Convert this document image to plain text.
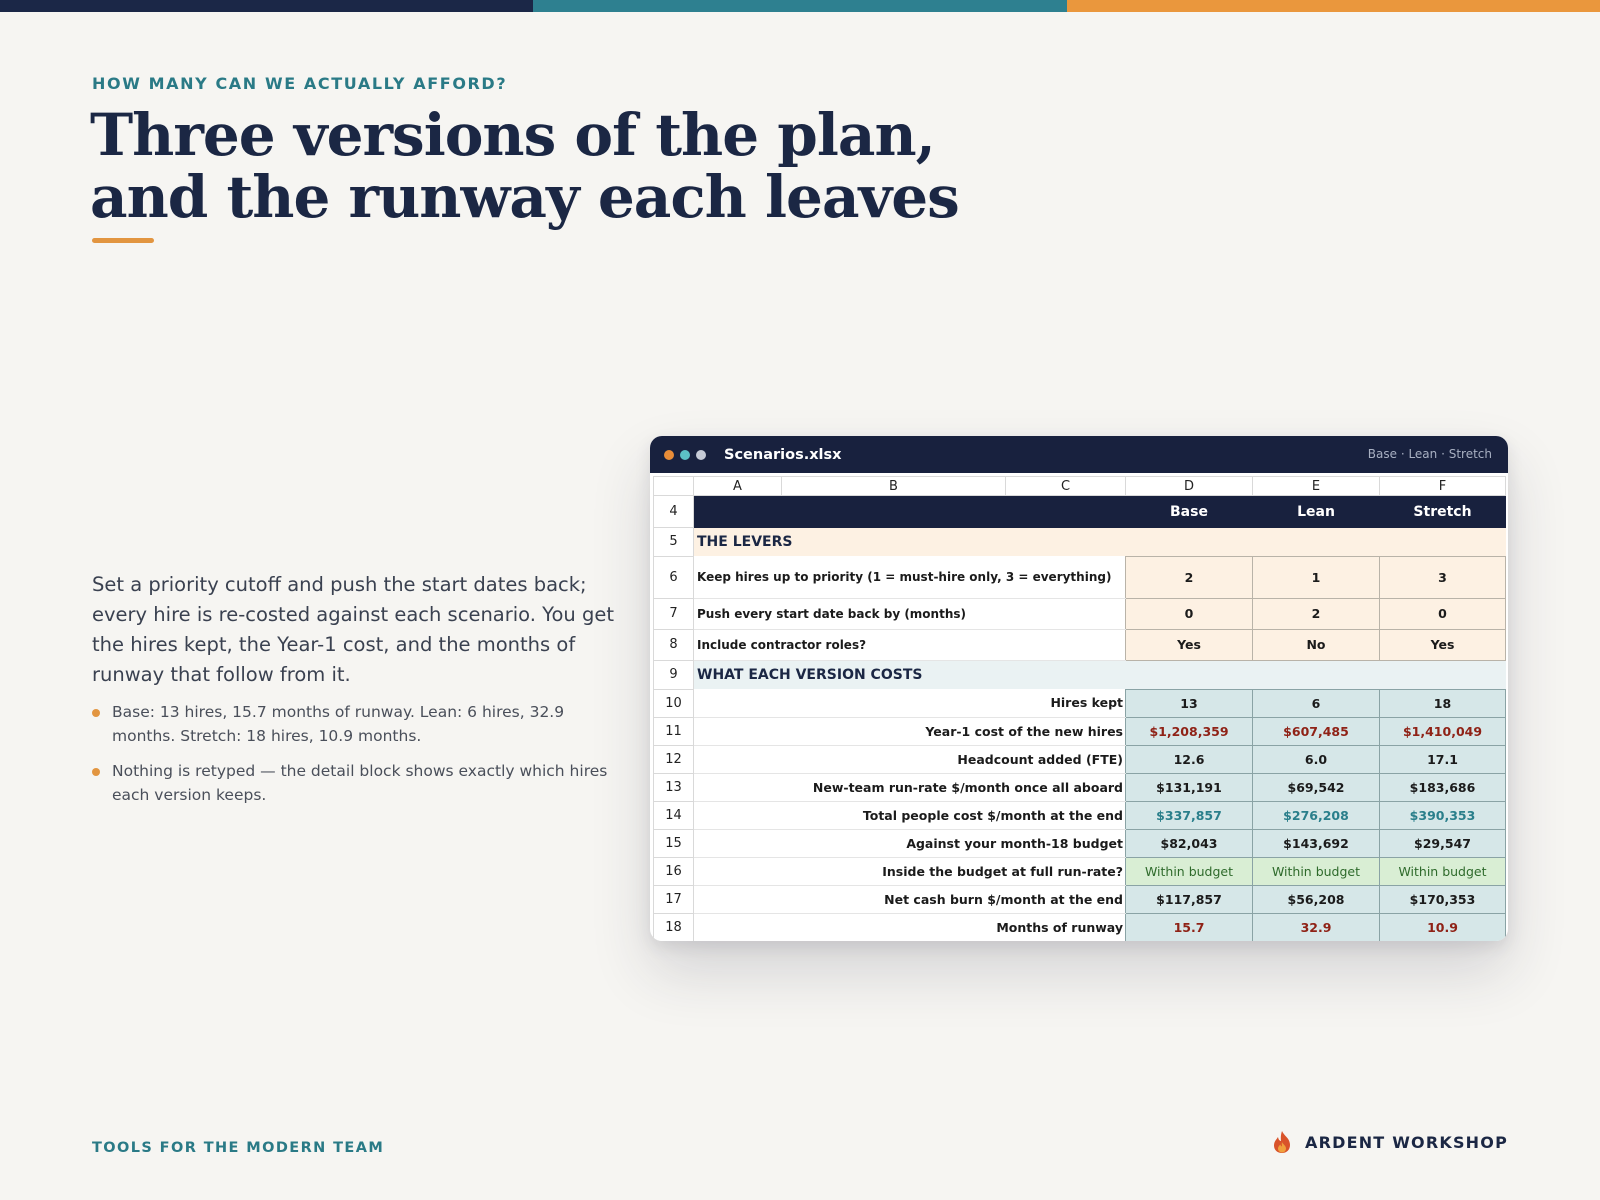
HOW MANY CAN WE ACTUALLY AFFORD?
Three versions of the plan,
and the runway each leaves

Set a priority cutoff and push the start dates back; every hire is re-costed against each scenario. You get the hires kept, the Year-1 cost, and the months of runway that follow from it.

Base: 13 hires, 15.7 months of runway. Lean: 6 hires, 32.9 months. Stretch: 18 hires, 10.9 months.
Nothing is retyped — the detail block shows exactly which hires each version keeps.
Scenarios.xlsx	Base · Lean · Stretch
	A	B	C	D	E	F
4				Base	Lean	Stretch
5	THE LEVERS					
6	Keep hires up to priority (1 = must-hire only, 3 = everything)			2	1	3
7	Push every start date back by (months)			0	2	0
8	Include contractor roles?			Yes	No	Yes
9	WHAT EACH VERSION COSTS					
10	Hires kept			13	6	18
11	Year-1 cost of the new hires			$1,208,359	$607,485	$1,410,049
12	Headcount added (FTE)			12.6	6.0	17.1
13	New-team run-rate $/month once all aboard			$131,191	$69,542	$183,686
14	Total people cost $/month at the end			$337,857	$276,208	$390,353
15	Against your month-18 budget			$82,043	$143,692	$29,547
16	Inside the budget at full run-rate?			Within budget	Within budget	Within budget
17	Net cash burn $/month at the end			$117,857	$56,208	$170,353
18	Months of runway			15.7	32.9	10.9
TOOLS FOR THE MODERN TEAM	ARDENT WORKSHOP
